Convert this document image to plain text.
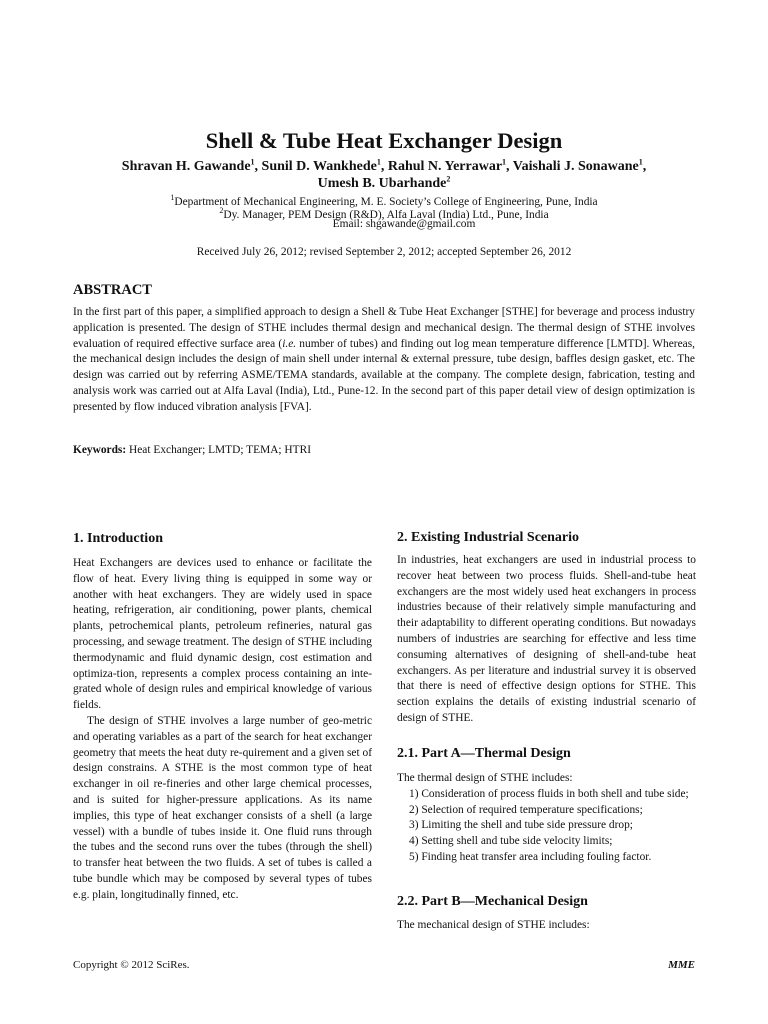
Shell & Tube Heat Exchanger Design
Shravan H. Gawande$^1$, Sunil D. Wankhede$^1$, Rahul N. Yerrawar$^1$, Vaishali J. Sonawane$^1$,
Umesh B. Ubarhande$^2$
$^1$Department of Mechanical Engineering, M. E. Society’s College of Engineering, Pune, India
$^2$Dy. Manager, PEM Design (R&D), Alfa Laval (India) Ltd., Pune, India
Email: shgawande@gmail.com
Received July 26, 2012; revised September 2, 2012; accepted September 26, 2012
ABSTRACT
In the first part of this paper, a simplified approach to design a Shell & Tube Heat Exchanger [STHE] for beverage and process industry application is presented. The design of STHE includes thermal design and mechanical design. The thermal design of STHE involves evaluation of required effective surface area (i.e. number of tubes) and finding out log mean temperature difference [LMTD]. Whereas, the mechanical design includes the design of main shell under internal & external pressure, tube design, baffles design gasket, etc. The design was carried out by referring ASME/TEMA standards, available at the company. The complete design, fabrication, testing and analysis work was carried out at Alfa Laval (India), Ltd., Pune-12. In the second part of this paper detail view of design optimization is presented by flow induced vibration analysis [FVA].
Keywords: Heat Exchanger; LMTD; TEMA; HTRI
1. Introduction

Heat Exchangers are devices used to enhance or facilitate the flow of heat. Every living thing is equipped in some way or another with heat exchangers. They are widely used in space heating, refrigeration, air conditioning, power plants, chemical plants, petrochemical plants, petroleum refineries, natural gas processing, and sewage treatment. The design of STHE including thermodynamic and fluid dynamic design, cost estimation and optimiza-tion, represents a complex process containing an inte-grated whole of design rules and empirical knowledge of various fields.

The design of STHE involves a large number of geo-metric and operating variables as a part of the search for heat exchanger geometry that meets the heat duty re-quirement and a given set of design constrains. A STHE is the most common type of heat exchanger in oil re-fineries and other large chemical processes, and is suited for higher-pressure applications. As its name implies, this type of heat exchanger consists of a shell (a large vessel) with a bundle of tubes inside it. One fluid runs through the tubes and the second runs over the tubes (through the shell) to transfer heat between the two fluids. A set of tubes is called a tube bundle which may be composed by several types of tubes e.g. plain, longitudinally finned, etc.

2. Existing Industrial Scenario

In industries, heat exchangers are used in industrial process to recover heat between two process fluids. Shell-and-tube heat exchangers are the most widely used heat exchangers in process industries because of their relatively simple manufacturing and their adaptability to different operating conditions. But nowadays numbers of industries are searching for effective and less time consuming alternatives of designing of shell-and-tube heat exchangers. As per literature and industrial survey it is observed that there is need of effective design options for STHE. This section explains the details of existing industrial scenario of design of STHE.

2.1. Part A—Thermal Design

The thermal design of STHE includes:

1) Consideration of process fluids in both shell and tube side;

2) Selection of required temperature specifications;

3) Limiting the shell and tube side pressure drop;

4) Setting shell and tube side velocity limits;

5) Finding heat transfer area including fouling factor.

2.2. Part B—Mechanical Design

The mechanical design of STHE includes:

Copyright © 2012 SciRes.	MME
